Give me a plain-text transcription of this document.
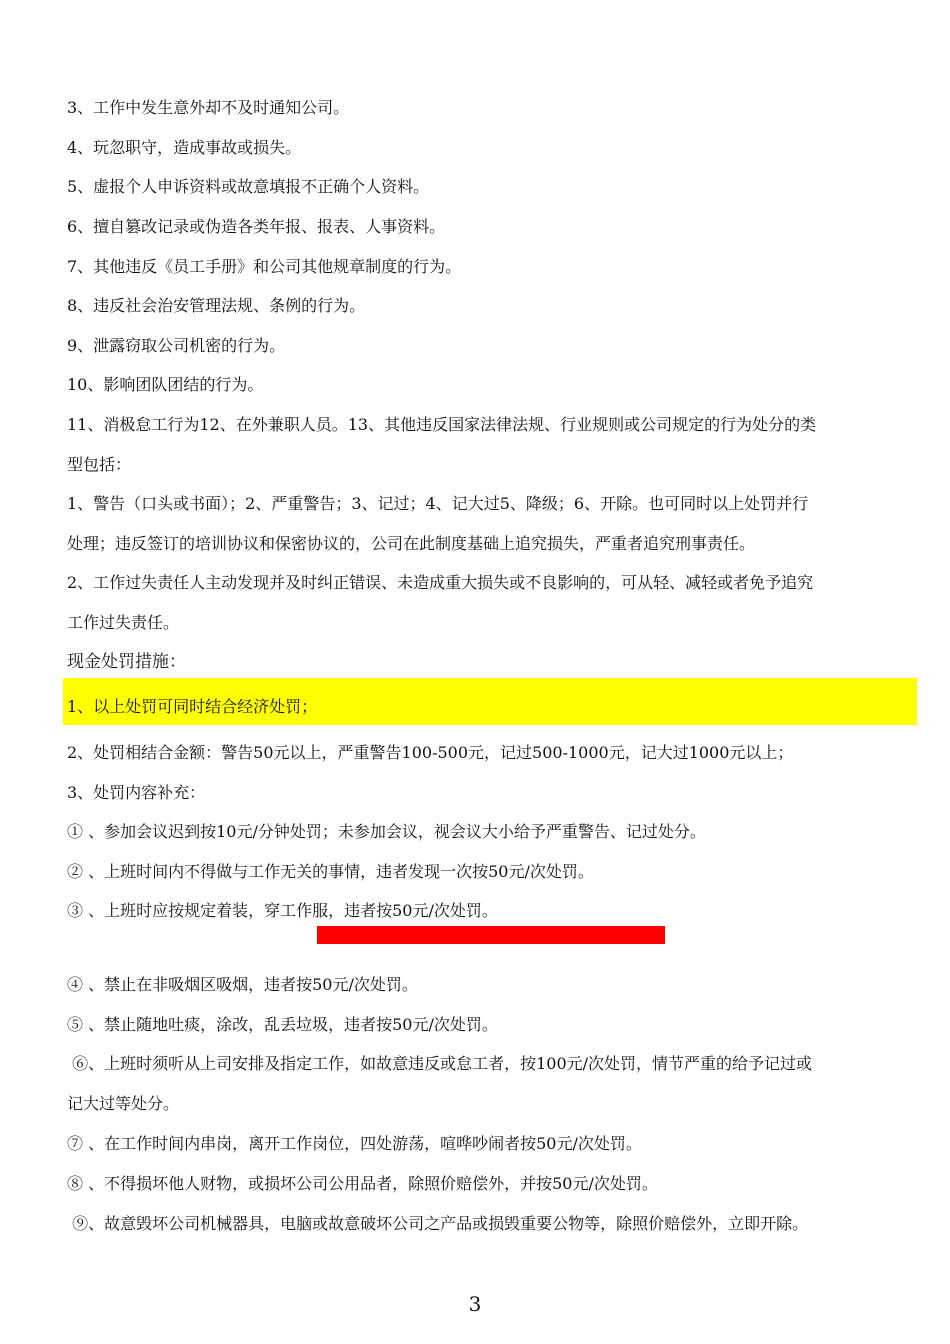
3、工作中发生意外却不及时通知公司。
4、玩忽职守，造成事故或损失。
5、虚报个人申诉资料或故意填报不正确个人资料。
6、擅自篡改记录或伪造各类年报、报表、人事资料。
7、其他违反《员工手册》和公司其他规章制度的行为。
8、违反社会治安管理法规、条例的行为。
9、泄露窃取公司机密的行为。
10、影响团队团结的行为。
11、消极怠工行为12、在外兼职人员。13、其他违反国家法律法规、行业规则或公司规定的行为处分的类
型包括：
1、警告（口头或书面）；2、严重警告；3、记过；4、记大过5、降级；6、开除。也可同时以上处罚并行
处理；违反签订的培训协议和保密协议的，公司在此制度基础上追究损失，严重者追究刑事责任。
2、工作过失责任人主动发现并及时纠正错误、未造成重大损失或不良影响的，可从轻、减轻或者免予追究
工作过失责任。
现金处罚措施：
1、以上处罚可同时结合经济处罚；
2、处罚相结合金额：警告50元以上，严重警告100-500元，记过500-1000元，记大过1000元以上；
3、处罚内容补充：
① 、参加会议迟到按10元/分钟处罚；未参加会议，视会议大小给予严重警告、记过处分。
② 、上班时间内不得做与工作无关的事情，违者发现一次按50元/次处罚。
③ 、上班时应按规定着装，穿工作服，违者按50元/次处罚。
④ 、禁止在非吸烟区吸烟，违者按50元/次处罚。
⑤ 、禁止随地吐痰，涂改，乱丢垃圾，违者按50元/次处罚。
⑥、上班时须听从上司安排及指定工作，如故意违反或怠工者，按100元/次处罚，情节严重的给予记过或
记大过等处分。
⑦ 、在工作时间内串岗，离开工作岗位，四处游荡，喧哗吵闹者按50元/次处罚。
⑧ 、不得损坏他人财物，或损坏公司公用品者，除照价赔偿外，并按50元/次处罚。
⑨、故意毁坏公司机械器具，电脑或故意破坏公司之产品或损毁重要公物等，除照价赔偿外，立即开除。
3
